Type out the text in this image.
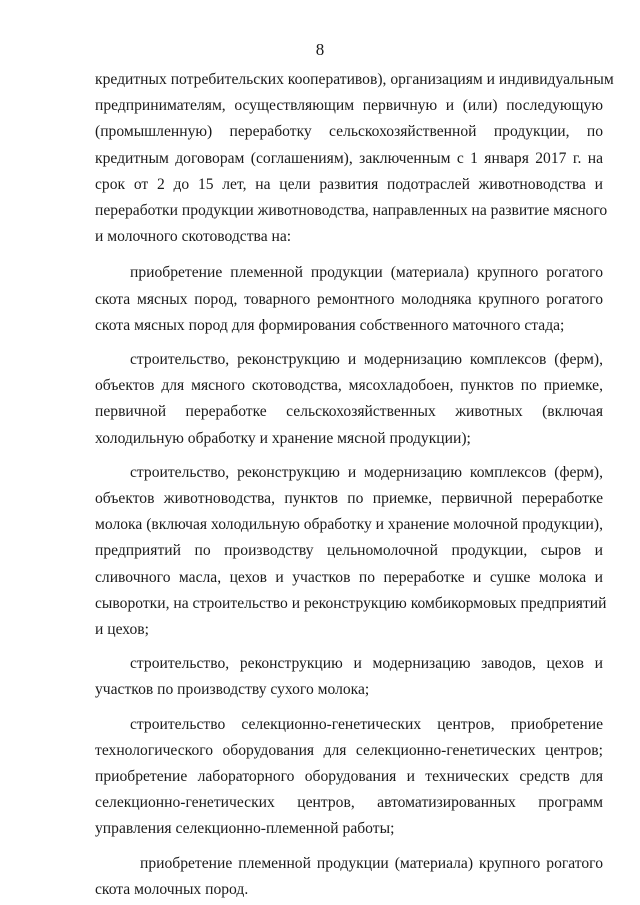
8
кредитных потребительских кооперативов), организациям и индивидуальным
предпринимателям, осуществляющим первичную и (или) последующую
(промышленную) переработку сельскохозяйственной продукции, по
кредитным договорам (соглашениям), заключенным с 1 января 2017 г. на
срок от 2 до 15 лет, на цели развития подотраслей животноводства и
переработки продукции животноводства, направленных на развитие мясного
и молочного скотоводства на:
приобретение племенной продукции (материала) крупного рогатого
скота мясных пород, товарного ремонтного молодняка крупного рогатого
скота мясных пород для формирования собственного маточного стада;
строительство, реконструкцию и модернизацию комплексов (ферм),
объектов для мясного скотоводства, мясохладобоен, пунктов по приемке,
первичной переработке сельскохозяйственных животных (включая
холодильную обработку и хранение мясной продукции);
строительство, реконструкцию и модернизацию комплексов (ферм),
объектов животноводства, пунктов по приемке, первичной переработке
молока (включая холодильную обработку и хранение молочной продукции),
предприятий по производству цельномолочной продукции, сыров и
сливочного масла, цехов и участков по переработке и сушке молока и
сыворотки, на строительство и реконструкцию комбикормовых предприятий
и цехов;
строительство, реконструкцию и модернизацию заводов, цехов и
участков по производству сухого молока;
строительство селекционно-генетических центров, приобретение
технологического оборудования для селекционно-генетических центров;
приобретение лабораторного оборудования и технических средств для
селекционно-генетических центров, автоматизированных программ
управления селекционно-племенной работы;
приобретение племенной продукции (материала) крупного рогатого
скота молочных пород.
